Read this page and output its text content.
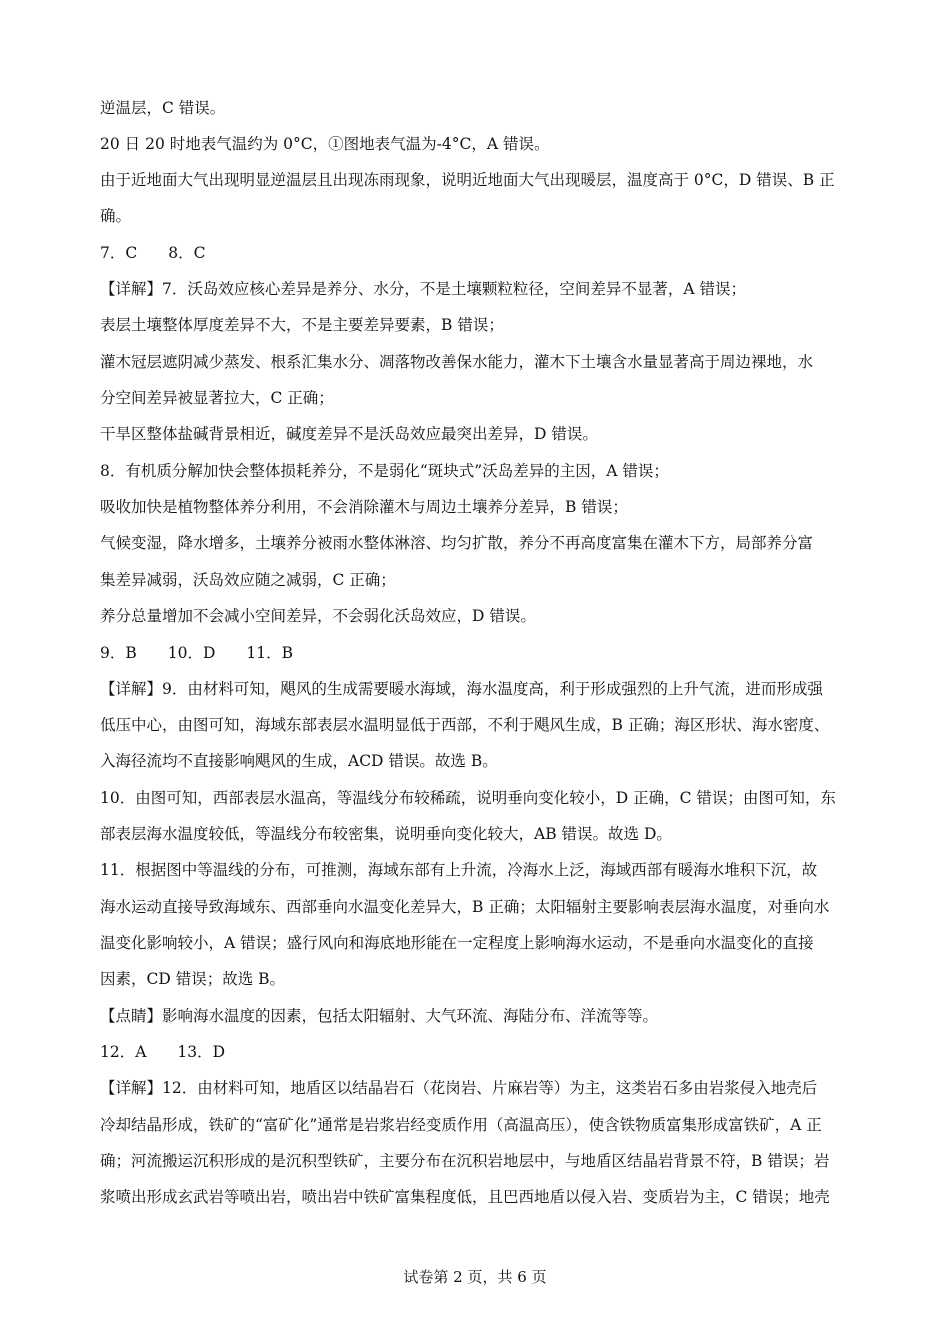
逆温层，C 错误。
20 日 20 时地表气温约为 0°C，①图地表气温为-4°C，A 错误。
由于近地面大气出现明显逆温层且出现冻雨现象，说明近地面大气出现暖层，温度高于 0°C，D 错误、B 正
确。
7．C　　8．C
【详解】7．沃岛效应核心差异是养分、水分，不是土壤颗粒粒径，空间差异不显著，A 错误；
表层土壤整体厚度差异不大，不是主要差异要素，B 错误；
灌木冠层遮阴减少蒸发、根系汇集水分、凋落物改善保水能力，灌木下土壤含水量显著高于周边裸地，水
分空间差异被显著拉大，C 正确；
干旱区整体盐碱背景相近，碱度差异不是沃岛效应最突出差异，D 错误。
8．有机质分解加快会整体损耗养分，不是弱化“斑块式”沃岛差异的主因，A 错误；
吸收加快是植物整体养分利用，不会消除灌木与周边土壤养分差异，B 错误；
气候变湿，降水增多，土壤养分被雨水整体淋溶、均匀扩散，养分不再高度富集在灌木下方，局部养分富
集差异减弱，沃岛效应随之减弱，C 正确；
养分总量增加不会减小空间差异，不会弱化沃岛效应，D 错误。
9．B　　10．D　　11．B
【详解】9．由材料可知，飓风的生成需要暖水海域，海水温度高，利于形成强烈的上升气流，进而形成强
低压中心，由图可知，海域东部表层水温明显低于西部，不利于飓风生成，B 正确；海区形状、海水密度、
入海径流均不直接影响飓风的生成，ACD 错误。故选 B。
10．由图可知，西部表层水温高，等温线分布较稀疏，说明垂向变化较小，D 正确，C 错误；由图可知，东
部表层海水温度较低，等温线分布较密集，说明垂向变化较大，AB 错误。故选 D。
11．根据图中等温线的分布，可推测，海域东部有上升流，冷海水上泛，海域西部有暖海水堆积下沉，故
海水运动直接导致海域东、西部垂向水温变化差异大，B 正确；太阳辐射主要影响表层海水温度，对垂向水
温变化影响较小，A 错误；盛行风向和海底地形能在一定程度上影响海水运动，不是垂向水温变化的直接
因素，CD 错误；故选 B。
【点睛】影响海水温度的因素，包括太阳辐射、大气环流、海陆分布、洋流等等。
12．A　　13．D
【详解】12．由材料可知，地盾区以结晶岩石（花岗岩、片麻岩等）为主，这类岩石多由岩浆侵入地壳后
冷却结晶形成，铁矿的“富矿化”通常是岩浆岩经变质作用（高温高压），使含铁物质富集形成富铁矿，A 正
确；河流搬运沉积形成的是沉积型铁矿，主要分布在沉积岩地层中，与地盾区结晶岩背景不符，B 错误；岩
浆喷出形成玄武岩等喷出岩，喷出岩中铁矿富集程度低，且巴西地盾以侵入岩、变质岩为主，C 错误；地壳
试卷第 2 页，共 6 页
